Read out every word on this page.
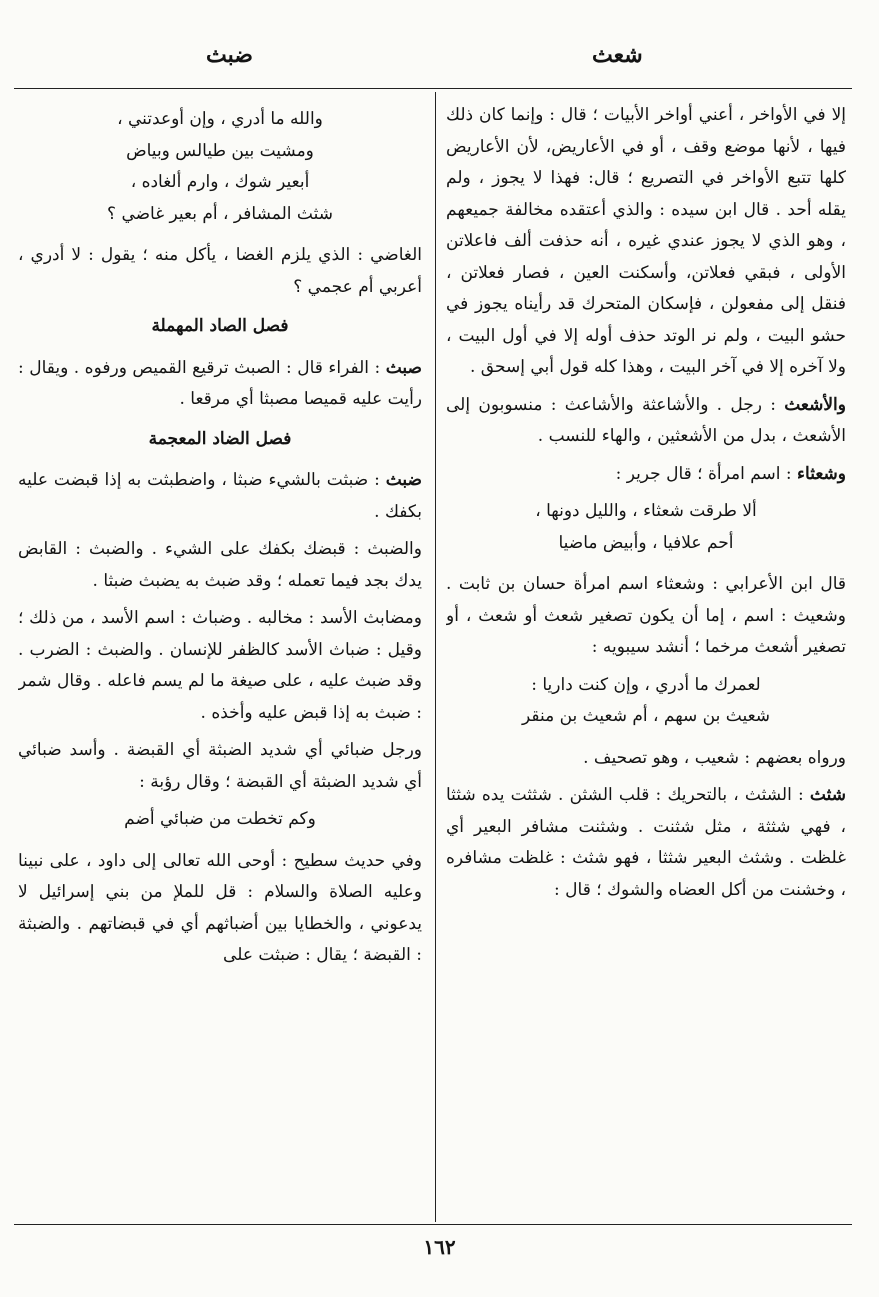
شعث
ضبث

إلا في الأواخر ، أعني أواخر الأبيات ؛ قال : وإنما كان ذلك فيها ، لأنها موضع وقف ، أو في الأعاريض، لأن الأعاريض كلها تتبع الأواخر في التصريع ؛ قال: فهذا لا يجوز ، ولم يقله أحد . قال ابن سيده : والذي أعتقده مخالفة جميعهم ، وهو الذي لا يجوز عندي غيره ، أنه حذفت ألف فاعلاتن الأولى ، فبقي فعلاتن، وأسكنت العين ، فصار فعلاتن ، فنقل إلى مفعولن ، فإسكان المتحرك قد رأيناه يجوز في حشو البيت ، ولم نر الوتد حذف أوله إلا في أول البيت ، ولا آخره إلا في آخر البيت ، وهذا كله قول أبي إسحق .

والأشعث : رجل . والأشاعثة والأشاعث : منسوبون إلى الأشعث ، بدل من الأشعثين ، والهاء للنسب .

وشعثاء : اسم امرأة ؛ قال جرير :

ألا طرقت شعثاء ، والليل دونها ،
أحم علافيا ، وأبيض ماضيا

قال ابن الأعرابي : وشعثاء اسم امرأة حسان بن ثابت . وشعيث : اسم ، إما أن يكون تصغير شعث أو شعث ، أو تصغير أشعث مرخما ؛ أنشد سيبويه :

لعمرك ما أدري ، وإن كنت داريا :
شعيث بن سهم ، أم شعيث بن منقر

ورواه بعضهم : شعيب ، وهو تصحيف .

شثث : الشثث ، بالتحريك : قلب الشثن . شثثت يده شثثا ، فهي شثثة ، مثل شثنت . وشثنت مشافر البعير أي غلظت . وشثث البعير شثثا ، فهو شثث : غلظت مشافره ، وخشنت من أكل العضاه والشوك ؛ قال :

والله ما أدري ، وإن أوعدتني ،
ومشيت بين طيالس وبياض
أبعير شوك ، وارم ألغاده ،
شثث المشافر ، أم بعير غاضي ؟

الغاضي : الذي يلزم الغضا ، يأكل منه ؛ يقول : لا أدري ، أعربي أم عجمي ؟

فصل الصاد المهملة

صبث : الفراء قال : الصبث ترقيع القميص ورفوه . ويقال : رأيت عليه قميصا مصبثا أي مرقعا .

فصل الضاد المعجمة

ضبث : ضبثت بالشيء ضبثا ، واضطبثت به إذا قبضت عليه بكفك .

والضبث : قبضك بكفك على الشيء . والضبث : القابض يدك بجد فيما تعمله ؛ وقد ضبث به يضبث ضبثا .

ومضابث الأسد : مخالبه . وضباث : اسم الأسد ، من ذلك ؛ وقيل : ضباث الأسد كالظفر للإنسان . والضبث : الضرب . وقد ضبث عليه ، على صيغة ما لم يسم فاعله . وقال شمر : ضبث به إذا قبض عليه وأخذه .

ورجل ضبائي أي شديد الضبثة أي القبضة . وأسد ضبائي أي شديد الضبثة أي القبضة ؛ وقال رؤبة :

وكم تخطت من ضبائي أضم

وفي حديث سطيح : أوحى الله تعالى إلى داود ، على نبينا وعليه الصلاة والسلام : قل للملإ من بني إسرائيل لا يدعوني ، والخطايا بين أضباثهم أي في قبضاتهم . والضبثة : القبضة ؛ يقال : ضبثت على

١٦٢
